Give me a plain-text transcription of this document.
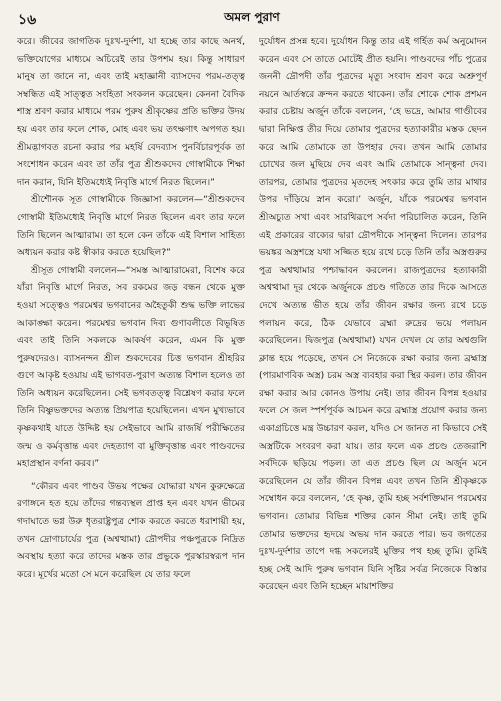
১৬	অমল পুরাণ

করে। জীবের জাগতিক দুঃখ-দুর্দশা, যা হচ্ছে তার কাছে অনর্থ, ভক্তিযোগের মাধ্যমে অচিরেই তার উপশম হয়। কিন্তু সাধারণ মানুষ তা জানে না, এবং তাই মহাজ্ঞানী ব্যাসদেব পরম-তত্ত্ব সম্বন্ধিত এই সাত্ত্বত সংহিতা সংকলন করেছেন। কেননা বৈদিক শাস্ত্র শ্রবণ করার মাধ্যমে পরম পুরুষ শ্রীকৃষ্ণের প্রতি ভক্তির উদয় হয় এবং তার ফলে শোক, মোহ এবং ভয় তৎক্ষণাৎ অপগত হয়। শ্রীমদ্ভাগবত রচনা করার পর মহর্ষি বেদব্যাস পুনর্বিচারপূর্বক তা সংশোধন করেন এবং তা তাঁর পুত্র শ্রীশুকদেব গোস্বামীকে শিক্ষা দান করান, যিনি ইতিমধ্যেই নিবৃত্তি মার্গে নিরত ছিলেন।”

শ্রীশৌনক সূত গোস্বামীকে জিজ্ঞাসা করলেন—“শ্রীশুকদেব গোস্বামী ইতিমধ্যেই নিবৃত্তি মার্গে নিরত ছিলেন এবং তার ফলে তিনি ছিলেন আত্মারাম। তা হলে কেন তাঁকে এই বিশাল সাহিত্য অধ্যয়ন করার কষ্ট স্বীকার করতে হয়েছিল?”

শ্রীসূত গোস্বামী বললেন—“সমস্ত আত্মারামেরা, বিশেষ করে যাঁরা নিবৃত্তি মার্গে নিরত, সব রকমের জড় বন্ধন থেকে মুক্ত হওয়া সত্ত্বেও পরমেশ্বর ভগবানের অহৈতুকী শুদ্ধ ভক্তি লাভের আকাঙ্ক্ষা করেন। পরমেশ্বর ভগবান দিব্য গুণাবলীতে বিভূষিত এবং তাই তিনি সকলকে আকর্ষণ করেন, এমন কি মুক্ত পুরুষদেরও। ব্যাসনন্দন শ্রীল শুকদেবের চিত্ত ভগবান শ্রীহরির গুণে আকৃষ্ট হওয়ায় এই ভাগবত-পুরাণ অত্যন্ত বিশাল হলেও তা তিনি অধ্যয়ন করেছিলেন। সেই ভগবতত্ত্ব বিশ্লেষণ করার ফলে তিনি বিষ্ণুভক্তদের অত্যন্ত প্রিয়পাত্র হয়েছিলেন। এখন মুখ্যভাবে কৃষ্ণকথাই যাতে উদ্দিষ্ট হয় সেইভাবে আমি রাজর্ষি পরীক্ষিতের জন্ম ও কর্মবৃত্তান্ত এবং দেহত্যাগ বা মুক্তিবৃত্তান্ত এবং পাণ্ডবদের মহাপ্রস্থান বর্ণনা করব।”

“কৌরব এবং পাণ্ডব উভয় পক্ষের যোদ্ধারা যখন কুরুক্ষেত্রে রণাঙ্গনে হত হয়ে তাঁদের গন্তব্যস্থল প্রাপ্ত হন এবং যখন ভীমের গদাঘাতে ভগ্ন উরু ধৃতরাষ্ট্রপুত্র শোক করতে করতে ধরাশায়ী হয়, তখন দ্রোণাচার্যের পুত্র (অশ্বত্থামা) দ্রৌপদীর পঞ্চপুত্রকে নিদ্রিত অবস্থায় হত্যা করে তাদের মস্তক তার প্রভুকে পুরস্কারস্বরূপ দান করে। মূর্খের মতো সে মনে করেছিল যে তার ফলে

দুর্যোধন প্রসন্ন হবে। দুর্যোধন কিন্তু তার এই গর্হিত কর্ম অনুমোদন করেন এবং সে তাতে মোটেই প্রীত হয়নি। পাণ্ডবদের পাঁচ পুত্রের জননী দ্রৌপদী তাঁর পুত্রদের মৃত্যু সংবাদ শ্রবণ করে অশ্রুপূর্ণ নয়নে আর্তস্বরে ক্রন্দন করতে থাকেন। তাঁর শোকে শোক প্রশমন করার চেষ্টায় অর্জুন তাঁকে বললেন, ‘হে ভদ্রে, আমার গাণ্ডীবের দ্বারা নিক্ষিপ্ত তীর দিয়ে তোমার পুত্রদের হত্যাকারীর মস্তক ছেদন করে আমি তোমাকে তা উপহার দেব। তখন আমি তোমার চোখের জল মুছিয়ে দেব এবং আমি তোমাকে সান্ত্বনা দেব। তারপর, তোমার পুত্রদের মৃতদেহ সৎকার করে তুমি তার মাথার উপর দাঁড়িয়ে স্নান করো।’ অর্জুন, যাঁকে পরমেশ্বর ভগবান শ্রীঅচ্যুত সখা এবং সারথিরূপে সর্বদা পরিচালিত করেন, তিনি এই প্রকারের বাক্যের দ্বারা দ্রৌপদীকে সান্ত্বনা দিলেন। তারপর ভয়ঙ্কর অস্ত্রশস্ত্রে যথা সজ্জিত হয়ে রথে চড়ে তিনি তাঁর অস্ত্রগুরুর পুত্র অশ্বত্থামার পশ্চাদ্ধাবন করলেন। রাজপুত্রদের হত্যাকারী অশ্বত্থামা দূর থেকে অর্জুনকে প্রচণ্ড গতিতে তার দিকে আসতে দেখে অত্যন্ত ভীত হয়ে তাঁর জীবন রক্ষার জন্য রথে চড়ে পলায়ন করে, ঠিক যেভাবে ব্রহ্মা রুদ্রের ভয়ে পলায়ন করেছিলেন। দ্বিজপুত্র (অশ্বত্থামা) যখন দেখল যে তার অশ্বগুলি ক্লান্ত হয়ে পড়েছে, তখন সে নিজেকে রক্ষা করার জন্য ব্রহ্মাস্ত্র (পারমাণবিক অস্ত্র) চরম অস্ত্র ব্যবহার করা স্থির করল। তার জীবন রক্ষা করার আর কোনও উপায় নেই। তার জীবন বিপন্ন হওয়ার ফলে সে জল স্পর্শপূর্বক আচমন করে ব্রহ্মাস্ত্র প্রয়োগ করার জন্য একাগ্রচিত্তে মন্ত্র উচ্চারণ করল, যদিও সে জানত না কিভাবে সেই অস্ত্রটিকে সংবরণ করা যায়। তার ফলে এক প্রচণ্ড তেজরাশি সর্বদিকে ছড়িয়ে পড়ল। তা এত প্রচণ্ড ছিল যে অর্জুন মনে করেছিলেন যে তাঁর জীবন বিপন্ন এবং তখন তিনি শ্রীকৃষ্ণকে সম্বোধন করে বললেন, ‘হে কৃষ্ণ, তুমি হচ্ছ সর্বশক্তিমান পরমেশ্বর ভগবান। তোমার বিভিন্ন শক্তির কোন সীমা নেই। তাই তুমি তোমার ভক্তদের হৃদয়ে অভয় দান করতে পার। ভব জগতের দুঃখ-দুর্দশার তাপে দগ্ধ সকলেরই মুক্তির পথ হচ্ছ তুমি। তুমিই হচ্ছ সেই আদি পুরুষ ভগবান যিনি সৃষ্টির সর্বত্র নিজেকে বিস্তার করেছেন এবং তিনি হচ্ছেন মায়াশক্তির
